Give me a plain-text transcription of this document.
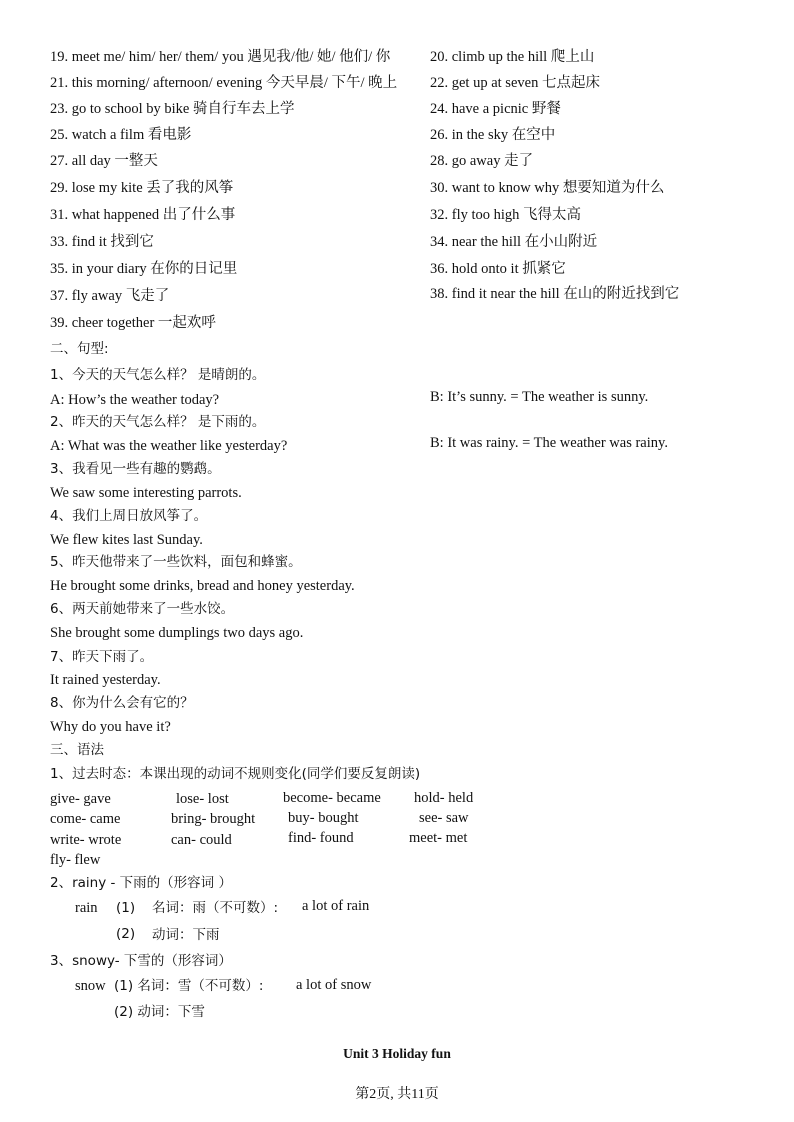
19. meet me/ him/ her/ them/ you 遇见我/他/ 她/ 他们/ 你	20. climb up the hill 爬上山
21. this morning/ afternoon/ evening 今天早晨/ 下午/ 晚上 22. get up at seven 七点起床
23. go to school by bike 骑自行车去上学	24. have a picnic 野餐
25. watch a film 看电影	26. in the sky 在空中
27. all day 一整天	28. go away 走了
29. lose my kite 丢了我的风筝	30. want to know why 想要知道为什么
31. what happened 出了什么事	32. fly too high 飞得太高
33. find it 找到它	34. near the hill 在小山附近
35. in your diary 在你的日记里	36. hold onto it 抓紧它
37. fly away 飞走了	38. find it near the hill 在山的附近找到它
39. cheer together 一起欢呼
二、句型:
1、今天的天气怎么样？ 是晴朗的。
A: How’s the weather today?	B: It’s sunny. = The weather is sunny.
2、昨天的天气怎么样？ 是下雨的。
A: What was the weather like yesterday?	B: It was rainy. = The weather was rainy.
3、我看见一些有趣的鹦鹉。
We saw some interesting parrots.
4、我们上周日放风筝了。
We flew kites last Sunday.
5、昨天他带来了一些饮料，面包和蜂蜜。
He brought some drinks, bread and honey yesterday.
6、两天前她带来了一些水饺。
She brought some dumplings two days ago.
7、昨天下雨了。
It rained yesterday.
8、你为什么会有它的？
Why do you have it?
三、语法
1、过去时态：本课出现的动词不规则变化(同学们要反复朗读)
give- gave	lose- lost	become- became hold- held
come- came	bring- brought buy- bought	see- saw
write- wrote	can- could	find- found	meet- met
fly- flew
2、rainy - 下雨的（形容词 ）
rain (1) 名词：雨（不可数）: a lot of rain
(2) 动词：下雨
3、snowy- 下雪的（形容词）
snow (1) 名词：雪（不可数）: a lot of snow
(2) 动词：下雪
Unit 3 Holiday fun
第2页, 共11页
